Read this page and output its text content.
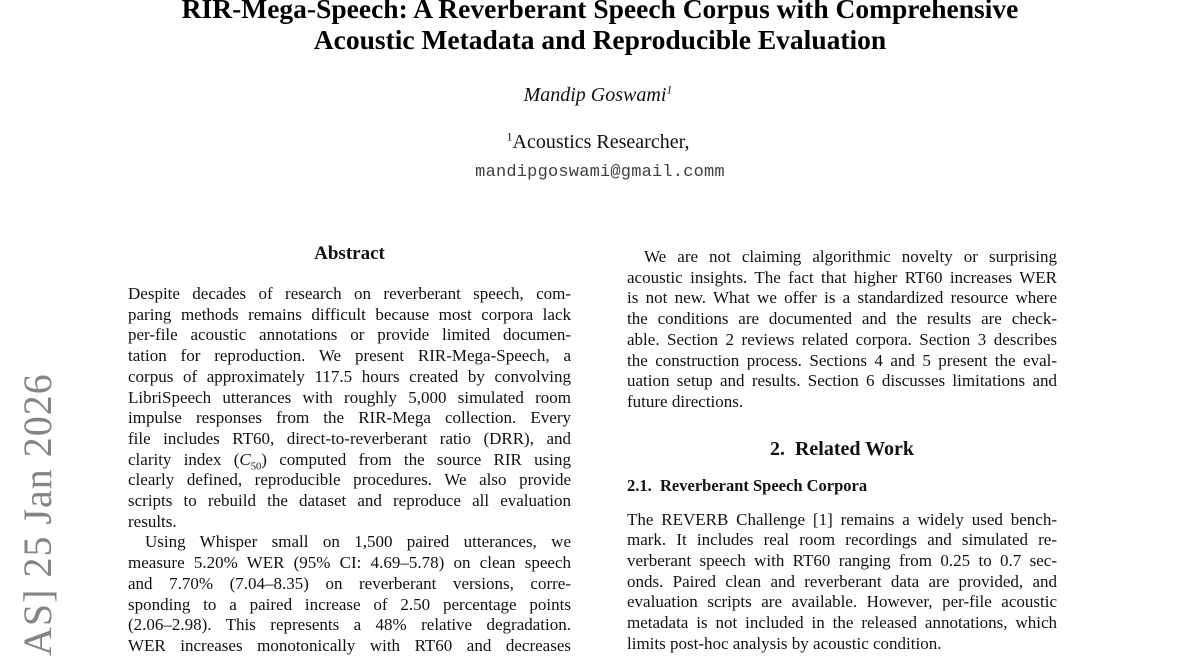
AS] 25 Jan 2026
RIR-Mega-Speech: A Reverberant Speech Corpus with Comprehensive
Acoustic Metadata and Reproducible Evaluation
Mandip Goswami$^1$
$^1$Acoustics Researcher,
mandipgoswami@gmail.comm
Abstract
Despite decades of research on reverberant speech, com-
paring methods remains difficult because most corpora lack
per-file acoustic annotations or provide limited documen-
tation for reproduction. We present RIR-Mega-Speech, a
corpus of approximately 117.5 hours created by convolving
LibriSpeech utterances with roughly 5,000 simulated room
impulse responses from the RIR-Mega collection. Every
file includes RT60, direct-to-reverberant ratio (DRR), and
clarity index $(C_{50})$ computed from the source RIR using
clearly defined, reproducible procedures. We also provide
scripts to rebuild the dataset and reproduce all evaluation
results.
Using Whisper small on 1,500 paired utterances, we
measure 5.20% WER (95% CI: 4.69–5.78) on clean speech
and 7.70% (7.04–8.35) on reverberant versions, corre-
sponding to a paired increase of 2.50 percentage points
(2.06–2.98). This represents a 48% relative degradation.
WER increases monotonically with RT60 and decreases
We are not claiming algorithmic novelty or surprising
acoustic insights. The fact that higher RT60 increases WER
is not new. What we offer is a standardized resource where
the conditions are documented and the results are check-
able. Section 2 reviews related corpora. Section 3 describes
the construction process. Sections 4 and 5 present the eval-
uation setup and results. Section 6 discusses limitations and
future directions.
2.  Related Work
2.1.  Reverberant Speech Corpora
The REVERB Challenge [1] remains a widely used bench-
mark. It includes real room recordings and simulated re-
verberant speech with RT60 ranging from 0.25 to 0.7 sec-
onds. Paired clean and reverberant data are provided, and
evaluation scripts are available. However, per-file acoustic
metadata is not included in the released annotations, which
limits post-hoc analysis by acoustic condition.
